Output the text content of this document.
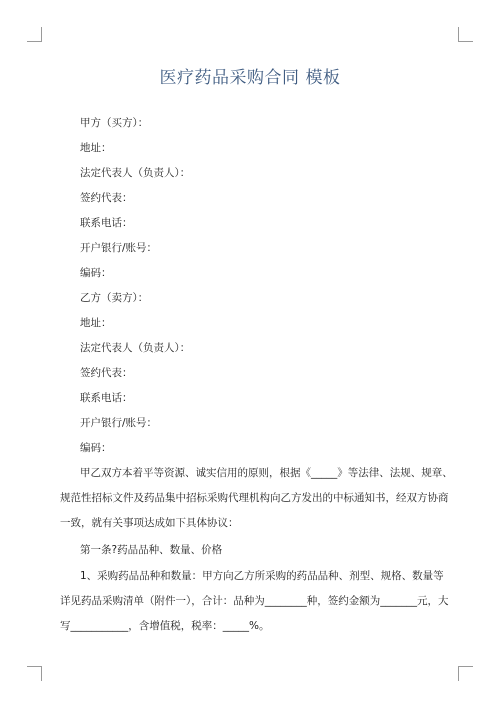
医疗药品采购合同 模板
甲方（买方）：
地址：
法定代表人（负责人）：
签约代表：
联系电话：
开户银行/账号：
编码：
乙方（卖方）：
地址：
法定代表人（负责人）：
签约代表：
联系电话：
开户银行/账号：
编码：
甲乙双方本着平等资源、诚实信用的原则，根据《_____》等法律、法规、规章、
规范性招标文件及药品集中招标采购代理机构向乙方发出的中标通知书，经双方协商
一致，就有关事项达成如下具体协议：
第一条?药品品种、数量、价格
1、采购药品品种和数量：甲方向乙方所采购的药品品种、剂型、规格、数量等
详见药品采购清单（附件一），合计：品种为________种，签约金额为_______元，大
写___________，含增值税，税率：_____%。
